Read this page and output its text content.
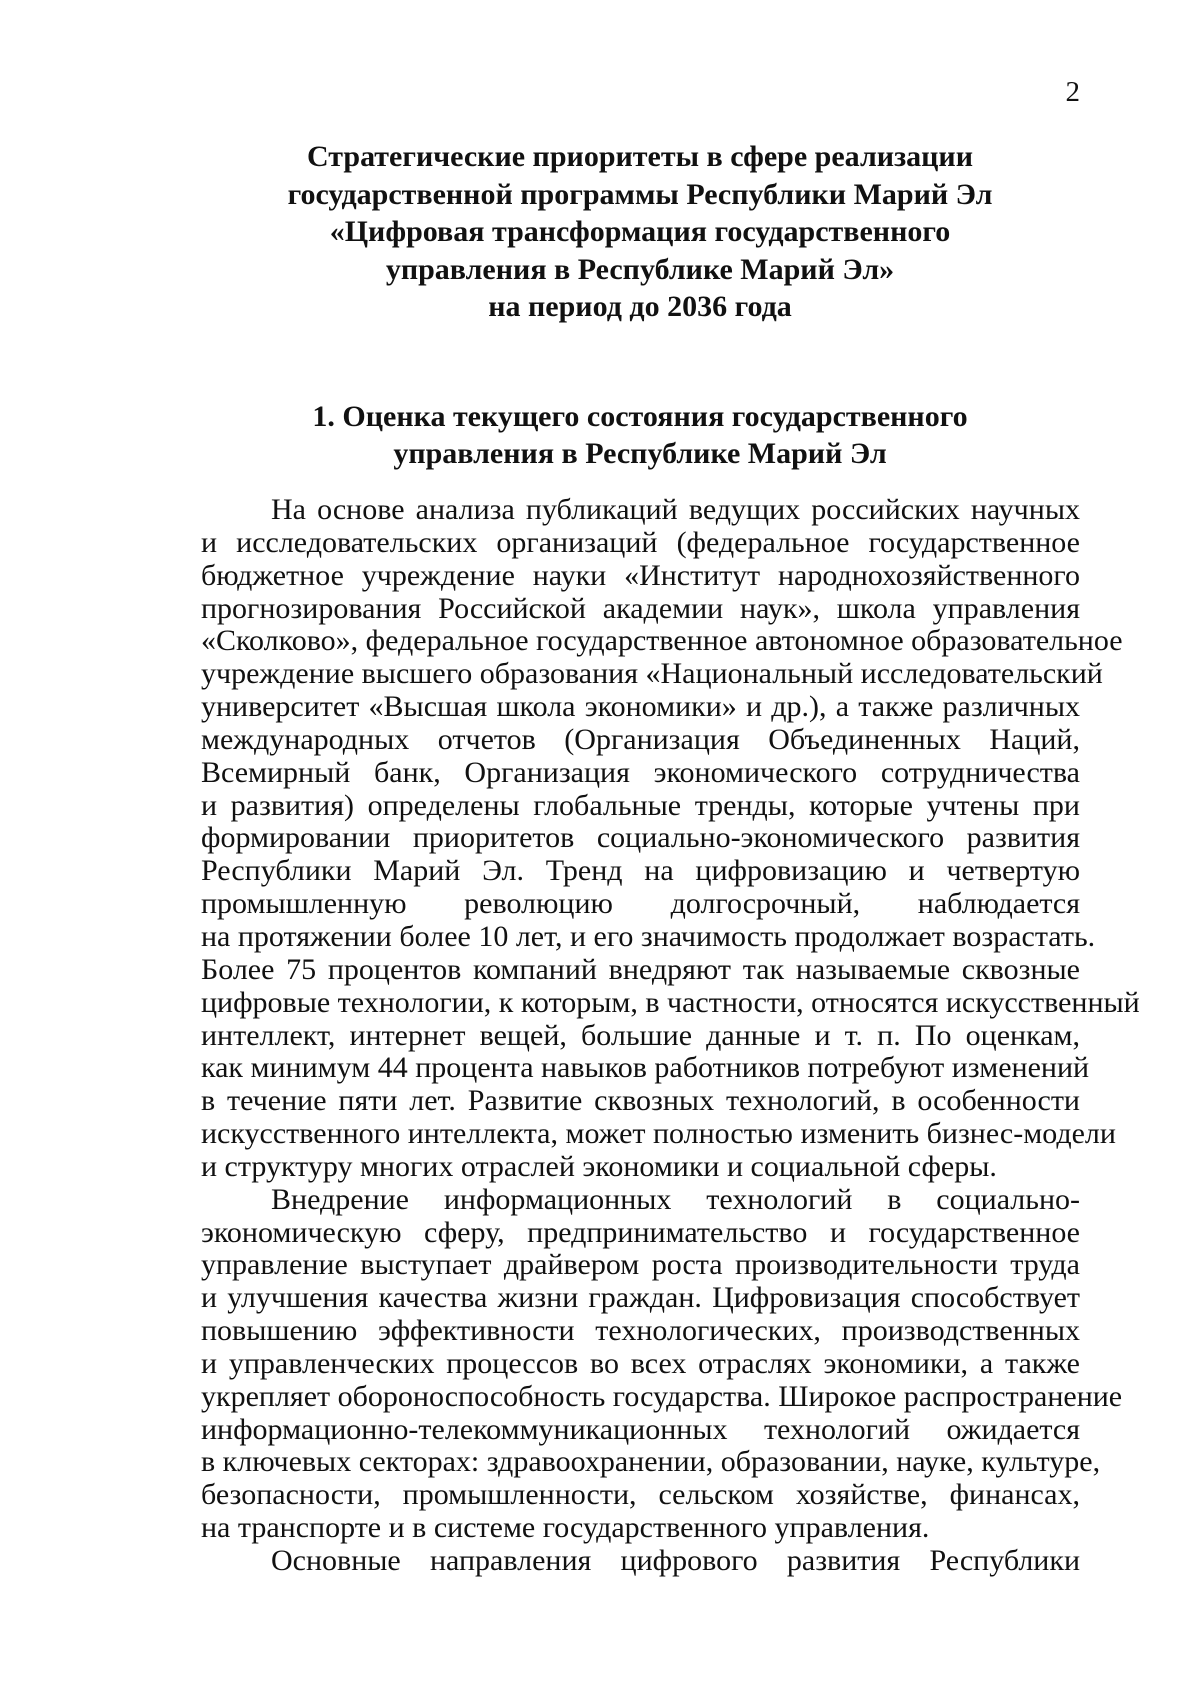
2
Стратегические приоритеты в сфере реализации
государственной программы Республики Марий Эл
«Цифровая трансформация государственного
управления в Республике Марий Эл»
на период до 2036 года
1. Оценка текущего состояния государственного
управления в Республике Марий Эл
На основе анализа публикаций ведущих российских научных
и исследовательских организаций (федеральное государственное
бюджетное учреждение науки «Институт народнохозяйственного
прогнозирования Российской академии наук», школа управления
«Сколково», федеральное государственное автономное образовательное
учреждение высшего образования «Национальный исследовательский
университет «Высшая школа экономики» и др.), а также различных
международных отчетов (Организация Объединенных Наций,
Всемирный банк, Организация экономического сотрудничества
и развития) определены глобальные тренды, которые учтены при
формировании приоритетов социально-экономического развития
Республики Марий Эл. Тренд на цифровизацию и четвертую
промышленную революцию долгосрочный, наблюдается
на протяжении более 10 лет, и его значимость продолжает возрастать.
Более 75 процентов компаний внедряют так называемые сквозные
цифровые технологии, к которым, в частности, относятся искусственный
интеллект, интернет вещей, большие данные и т. п. По оценкам,
как минимум 44 процента навыков работников потребуют изменений
в течение пяти лет. Развитие сквозных технологий, в особенности
искусственного интеллекта, может полностью изменить бизнес-модели
и структуру многих отраслей экономики и социальной сферы.
Внедрение информационных технологий в социально-
экономическую сферу, предпринимательство и государственное
управление выступает драйвером роста производительности труда
и улучшения качества жизни граждан. Цифровизация способствует
повышению эффективности технологических, производственных
и управленческих процессов во всех отраслях экономики, а также
укрепляет обороноспособность государства. Широкое распространение
информационно-телекоммуникационных технологий ожидается
в ключевых секторах: здравоохранении, образовании, науке, культуре,
безопасности, промышленности, сельском хозяйстве, финансах,
на транспорте и в системе государственного управления.
Основные направления цифрового развития Республики
